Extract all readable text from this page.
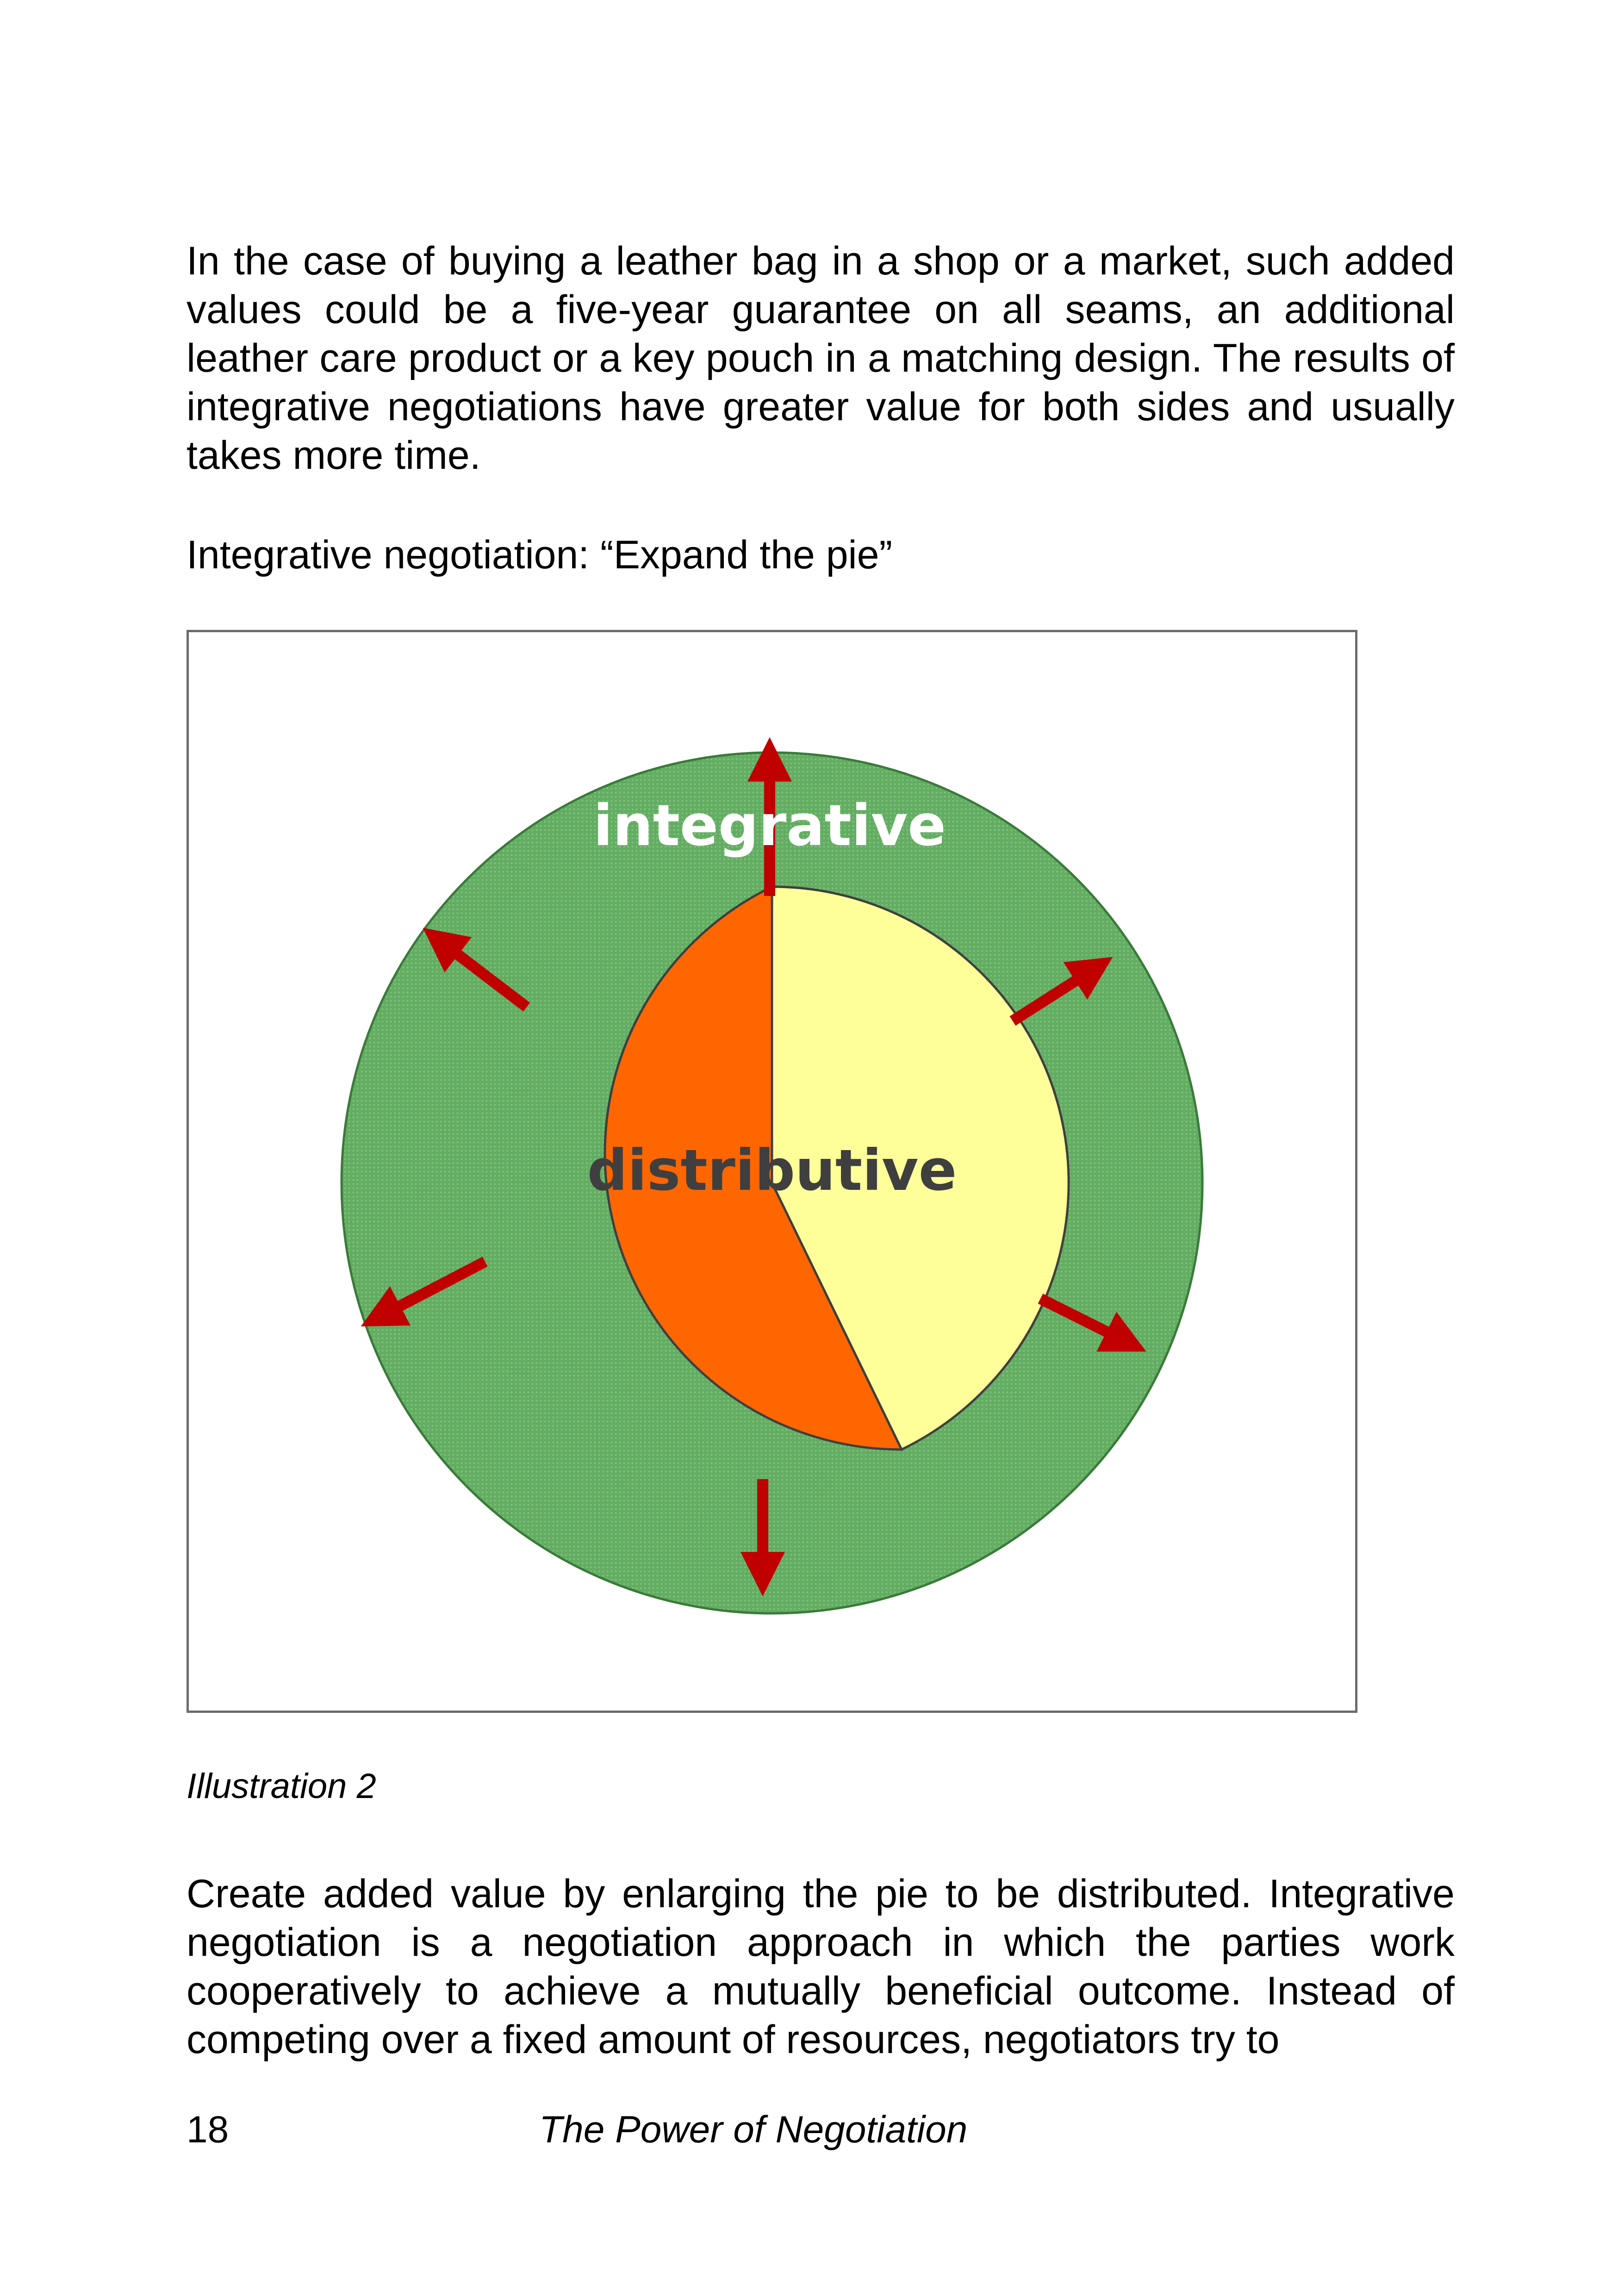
In the case of buying a leather bag in a shop or a market, such added values could be a five-year guarantee on all seams, an additional leather care product or a key pouch in a matching design. The results of integrative negotiations have greater value for both sides and usually takes more time.

Integrative negotiation: “Expand the pie”

integrative
distributive

Illustration 2

Create added value by enlarging the pie to be distributed. Integrative negotiation is a negotiation approach in which the parties work cooperatively to achieve a mutually beneficial outcome. Instead of competing over a fixed amount of resources, negotiators try to

18	The Power of Negotiation
